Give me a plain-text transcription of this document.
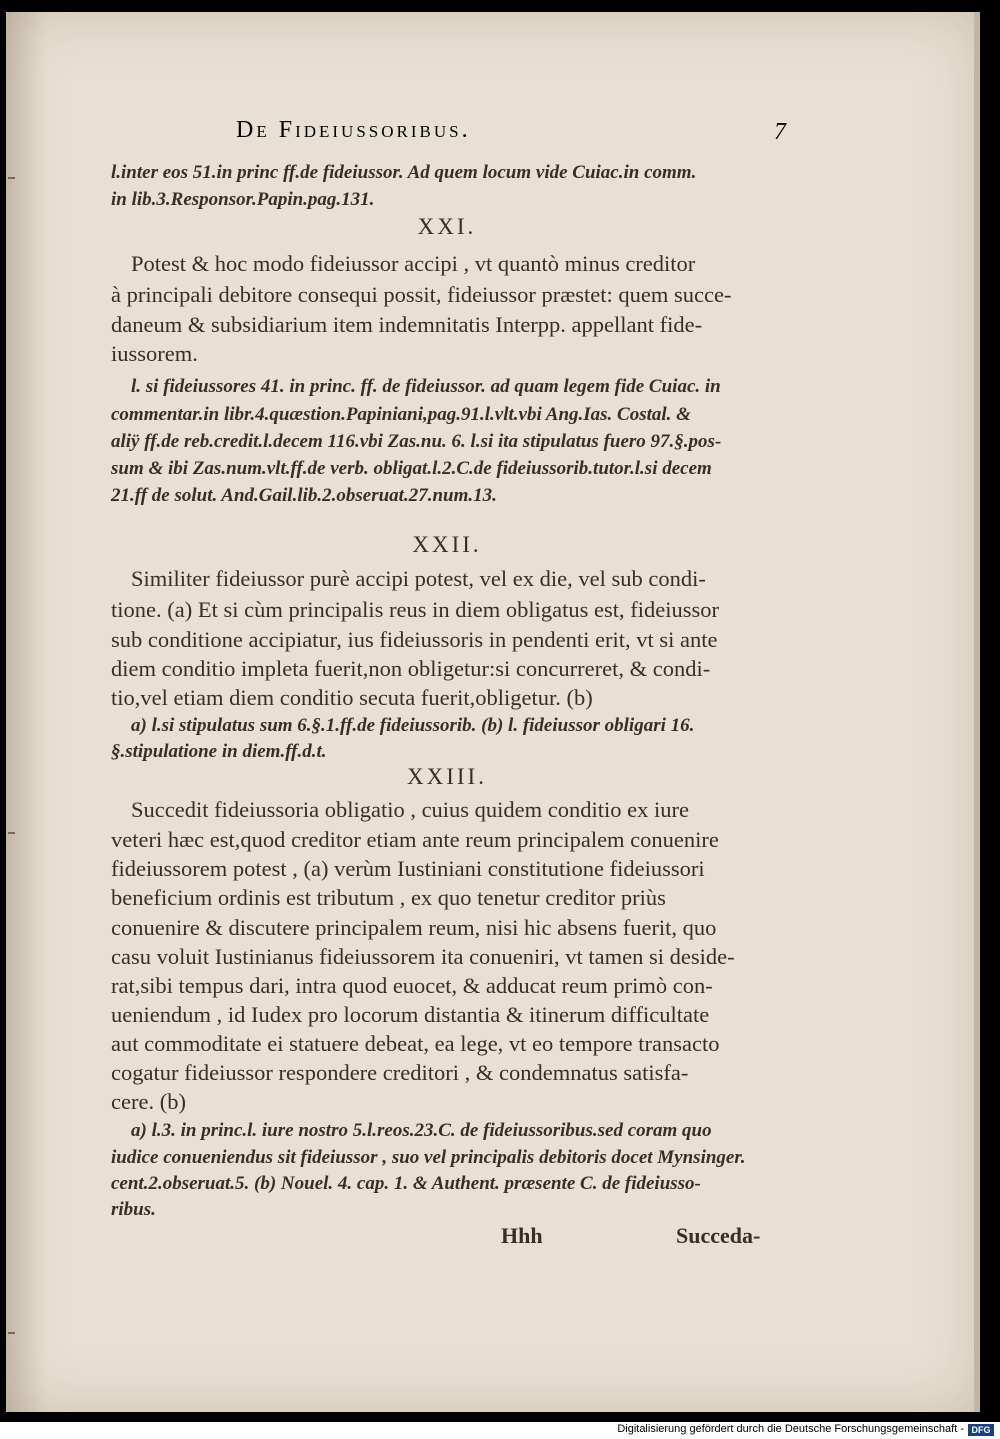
De Fideiussoribus.	7
l.inter eos 51.in princ ff.de fideiussor. Ad quem locum vide Cuiac.in comm.
in lib.3.Responsor.Papin.pag.131.
XXI.
Potest & hoc modo fideiussor accipi , vt quantò minus creditor
à principali debitore consequi possit, fideiussor præstet: quem succe-
daneum & subsidiarium item indemnitatis Interpp. appellant fide-
iussorem.
l. si fideiussores 41. in princ. ff. de fideiussor. ad quam legem fide Cuiac. in
commentar.in libr.4.quæstion.Papiniani,pag.91.l.vlt.vbi Ang.Ias. Costal. &
aliÿ ff.de reb.credit.l.decem 116.vbi Zas.nu. 6. l.si ita stipulatus fuero 97.§.pos-
sum & ibi Zas.num.vlt.ff.de verb. obligat.l.2.C.de fideiussorib.tutor.l.si decem
21.ff de solut. And.Gail.lib.2.obseruat.27.num.13.
XXII.
Similiter fideiussor purè accipi potest, vel ex die, vel sub condi-
tione. (a) Et si cùm principalis reus in diem obligatus est, fideiussor
sub conditione accipiatur, ius fideiussoris in pendenti erit, vt si ante
diem conditio impleta fuerit,non obligetur:si concurreret, & condi-
tio,vel etiam diem conditio secuta fuerit,obligetur. (b)
a) l.si stipulatus sum 6.§.1.ff.de fideiussorib. (b) l. fideiussor obligari 16.
§.stipulatione in diem.ff.d.t.
XXIII.
Succedit fideiussoria obligatio , cuius quidem conditio ex iure
veteri hæc est,quod creditor etiam ante reum principalem conuenire
fideiussorem potest , (a) verùm Iustiniani constitutione fideiussori
beneficium ordinis est tributum , ex quo tenetur creditor priùs
conuenire & discutere principalem reum, nisi hic absens fuerit, quo
casu voluit Iustinianus fideiussorem ita conueniri, vt tamen si deside-
rat,sibi tempus dari, intra quod euocet, & adducat reum primò con-
ueniendum , id Iudex pro locorum distantia & itinerum difficultate
aut commoditate ei statuere debeat, ea lege, vt eo tempore transacto
cogatur fideiussor respondere creditori , & condemnatus satisfa-
cere. (b)
a) l.3. in princ.l. iure nostro 5.l.reos.23.C. de fideiussoribus.sed coram quo
iudice conueniendus sit fideiussor , suo vel principalis debitoris docet Mynsinger.
cent.2.obseruat.5. (b) Nouel. 4. cap. 1. & Authent. præsente C. de fideiusso-
ribus.
Hhh	Succeda-
Digitalisierung gefördert durch die Deutsche Forschungsgemeinschaft - DFG
